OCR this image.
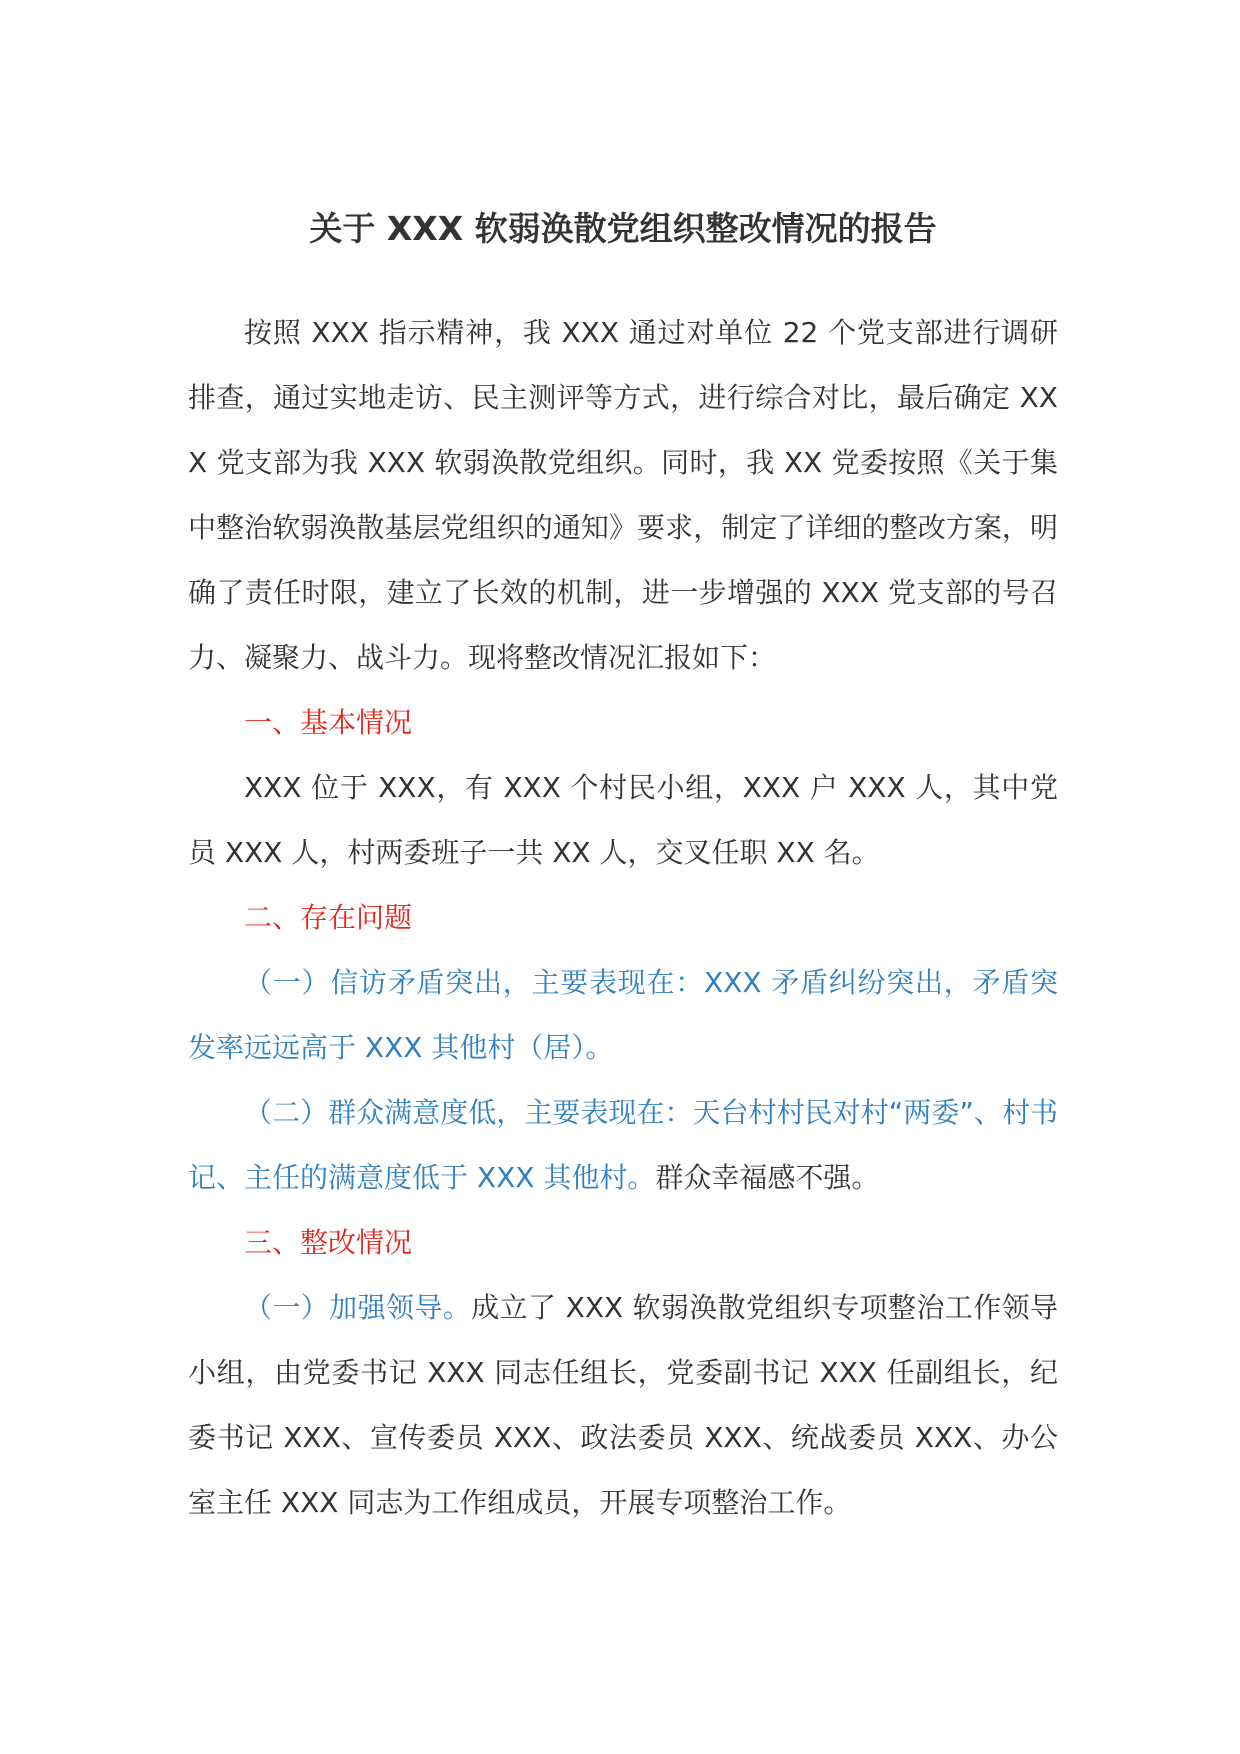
关于 XXX 软弱涣散党组织整改情况的报告

按照 XXX 指示精神，我 XXX 通过对单位 22 个党支部进行调研排查，通过实地走访、民主测评等方式，进行综合对比，最后确定 XXX 党支部为我 XXX 软弱涣散党组织。同时，我 XX 党委按照《关于集中整治软弱涣散基层党组织的通知》要求，制定了详细的整改方案，明确了责任时限，建立了长效的机制，进一步增强的 XXX 党支部的号召力、凝聚力、战斗力。现将整改情况汇报如下：

一、基本情况

XXX 位于 XXX，有 XXX 个村民小组，XXX 户 XXX 人，其中党员 XXX 人，村两委班子一共 XX 人，交叉任职 XX 名。

二、存在问题

（一）信访矛盾突出，主要表现在：XXX 矛盾纠纷突出，矛盾突发率远远高于 XXX 其他村（居）。

（二）群众满意度低，主要表现在：天台村村民对村“两委”、村书记、主任的满意度低于 XXX 其他村。群众幸福感不强。

三、整改情况

（一）加强领导。成立了 XXX 软弱涣散党组织专项整治工作领导小组，由党委书记 XXX 同志任组长，党委副书记 XXX 任副组长，纪委书记 XXX、宣传委员 XXX、政法委员 XXX、统战委员 XXX、办公室主任 XXX 同志为工作组成员，开展专项整治工作。
